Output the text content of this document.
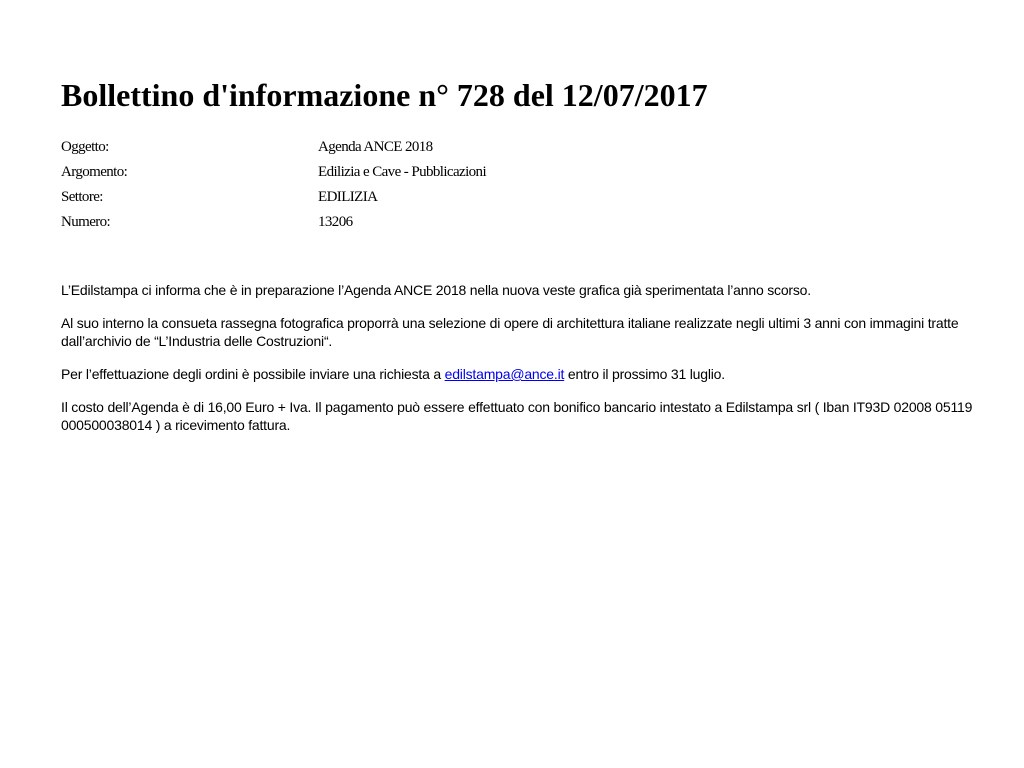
Bollettino d'informazione n° 728 del 12/07/2017
Oggetto:	Agenda ANCE 2018
Argomento:	Edilizia e Cave - Pubblicazioni
Settore:	EDILIZIA
Numero:	13206

L’Edilstampa ci informa che è in preparazione l’Agenda ANCE 2018 nella nuova veste grafica già sperimentata l’anno scorso.

Al suo interno la consueta rassegna fotografica proporrà una selezione di opere di architettura italiane realizzate negli ultimi 3 anni con immagini tratte dall’archivio de “L’Industria delle Costruzioni“.

Per l’effettuazione degli ordini è possibile inviare una richiesta a edilstampa@ance.it entro il prossimo 31 luglio.

Il costo dell’Agenda è di 16,00 Euro + Iva. Il pagamento può essere effettuato con bonifico bancario intestato a Edilstampa srl ( Iban IT93D 02008 05119 000500038014 ) a ricevimento fattura.
